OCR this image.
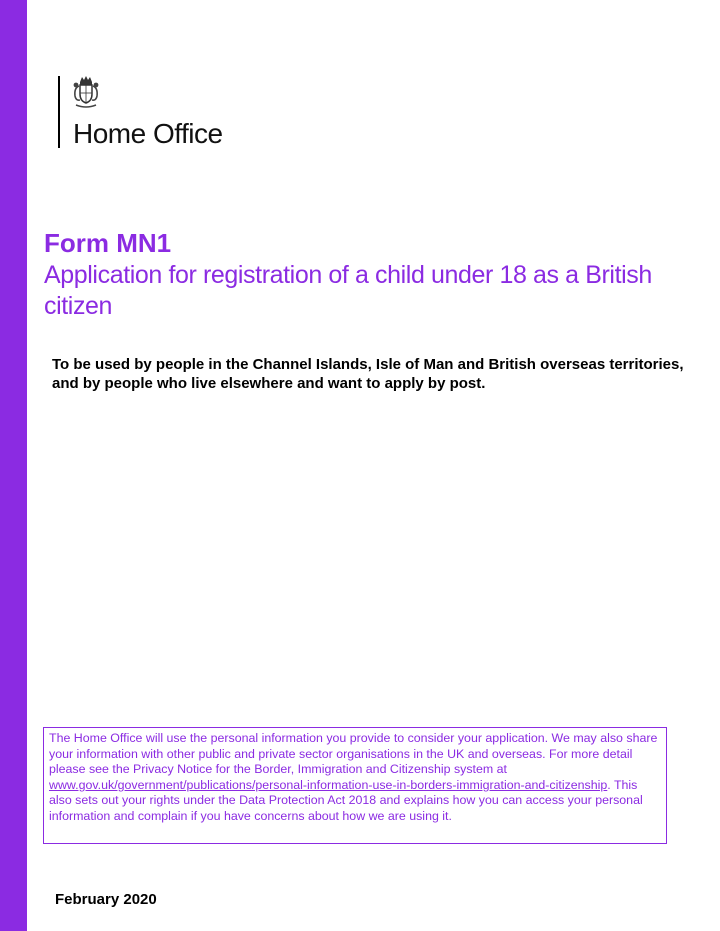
Home Office
Form MN1
Application for registration of a child under 18 as a British citizen
To be used by people in the Channel Islands, Isle of Man and British overseas territories, and by people who live elsewhere and want to apply by post.
The Home Office will use the personal information you provide to consider your application. We may also share your information with other public and private sector organisations in the UK and overseas. For more detail please see the Privacy Notice for the Border, Immigration and Citizenship system at www.gov.uk/government/publications/personal-information-use-in-borders-immigration-and-citizenship. This also sets out your rights under the Data Protection Act 2018 and explains how you can access your personal information and complain if you have concerns about how we are using it.
February 2020
